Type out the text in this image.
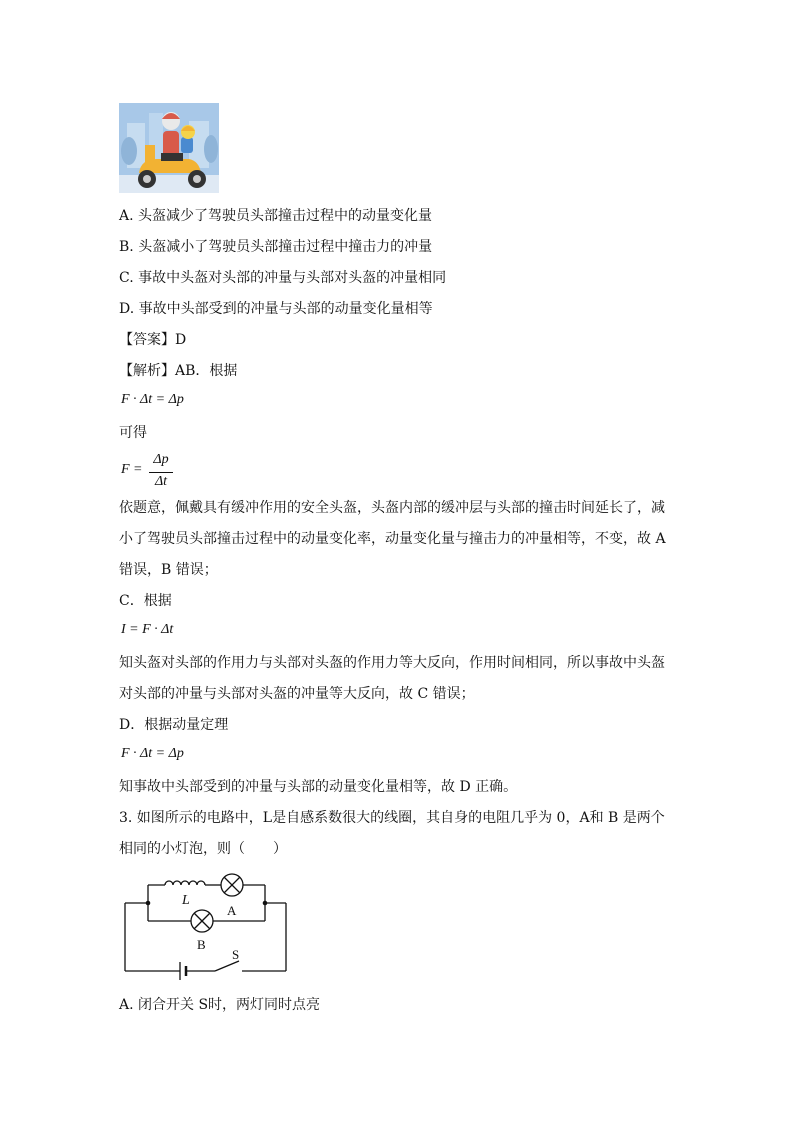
A. 头盔减少了驾驶员头部撞击过程中的动量变化量
B. 头盔减小了驾驶员头部撞击过程中撞击力的冲量
C. 事故中头盔对头部的冲量与头部对头盔的冲量相同
D. 事故中头部受到的冲量与头部的动量变化量相等
【答案】D
【解析】AB．根据
F · Δt = Δp
可得
F =
Δp
Δt
依题意，佩戴具有缓冲作用的安全头盔，头盔内部的缓冲层与头部的撞击时间延长了，减
小了驾驶员头部撞击过程中的动量变化率，动量变化量与撞击力的冲量相等，不变，故 A
错误，B 错误；
C．根据
I = F · Δt
知头盔对头部的作用力与头部对头盔的作用力等大反向，作用时间相同，所以事故中头盔
对头部的冲量与头部对头盔的冲量等大反向，故 C 错误；
D．根据动量定理
F · Δt = Δp
知事故中头部受到的冲量与头部的动量变化量相等，故 D 正确。
3. 如图所示的电路中，L是自感系数很大的线圈，其自身的电阻几乎为 0，A和 B 是两个
相同的小灯泡，则（　　）
L
A
B
S
A. 闭合开关 S时，两灯同时点亮
